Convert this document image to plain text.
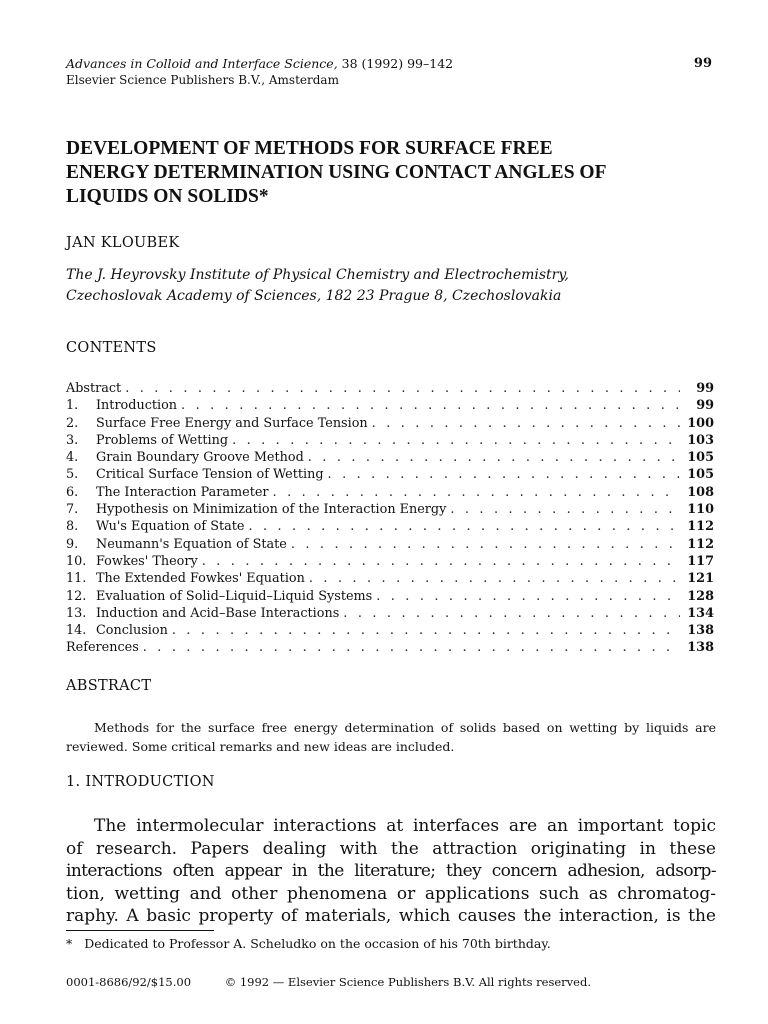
Advances in Colloid and Interface Science, 38 (1992) 99–142
Elsevier Science Publishers B.V., Amsterdam
99
DEVELOPMENT OF METHODS FOR SURFACE FREE
ENERGY DETERMINATION USING CONTACT ANGLES OF
LIQUIDS ON SOLIDS*
JAN KLOUBEK
The J. Heyrovsky Institute of Physical Chemistry and Electrochemistry,
Czechoslovak Academy of Sciences, 182 23 Prague 8, Czechoslovakia
CONTENTS
Abstract . . .	99
1.	Introduction . . .	99
2.	Surface Free Energy and Surface Tension . . .	100
3.	Problems of Wetting . . .	103
4.	Grain Boundary Groove Method . . .	105
5.	Critical Surface Tension of Wetting . . .	105
6.	The Interaction Parameter . . .	108
7.	Hypothesis on Minimization of the Interaction Energy . . .	110
8.	Wu's Equation of State . . .	112
9.	Neumann's Equation of State . . .	112
10. Fowkes' Theory . . .	117
11. The Extended Fowkes' Equation . . .	121
12. Evaluation of Solid–Liquid–Liquid Systems . . .	128
13. Induction and Acid–Base Interactions . . .	134
14. Conclusion . . .	138
References . . .	138
ABSTRACT
Methods for the surface free energy determination of solids based on wetting by liquids are reviewed. Some critical remarks and new ideas are included.
1. INTRODUCTION
The intermolecular interactions at interfaces are an important topic
of research. Papers dealing with the attraction originating in these
interactions often appear in the literature; they concern adhesion, adsorp-
tion, wetting and other phenomena or applications such as chromatog-
raphy. A basic property of materials, which causes the interaction, is the
* Dedicated to Professor A. Scheludko on the occasion of his 70th birthday.
0001-8686/92/$15.00	© 1992 — Elsevier Science Publishers B.V. All rights reserved.
